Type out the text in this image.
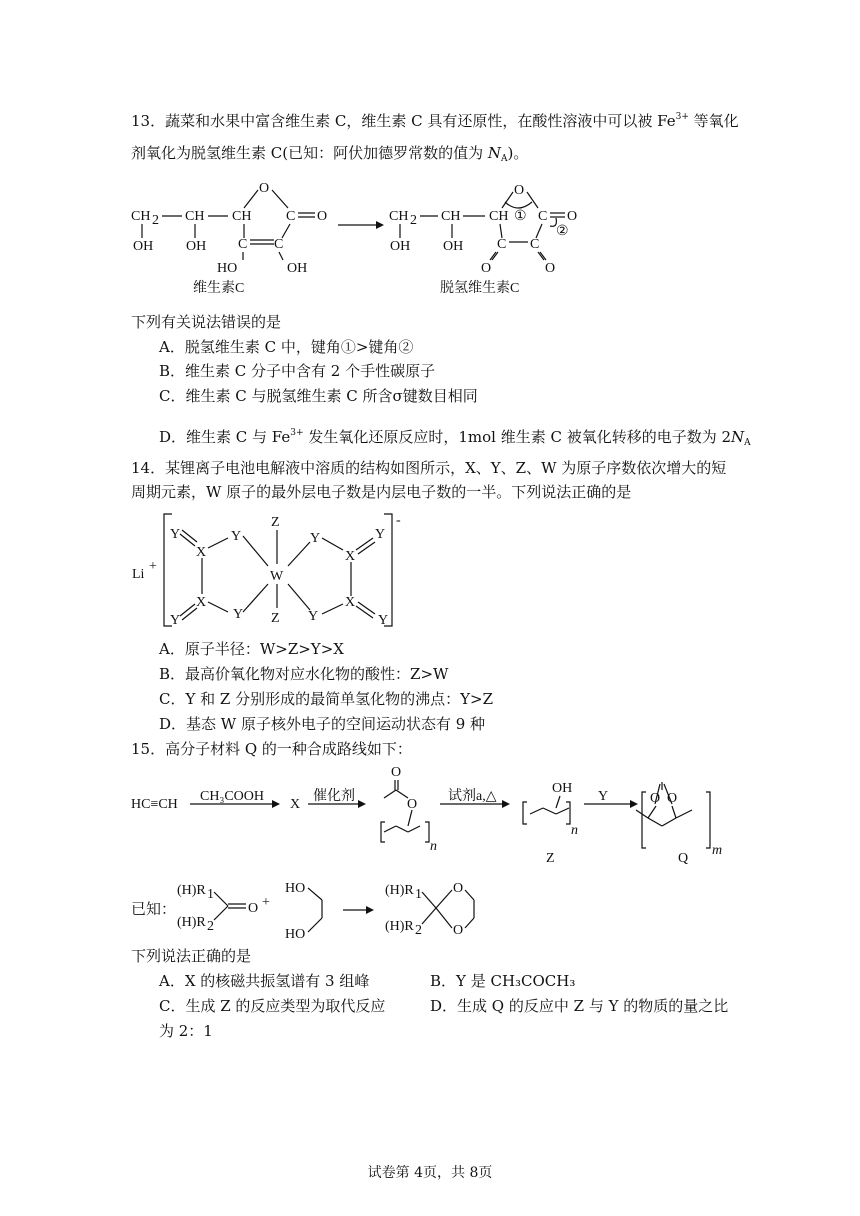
13．蔬菜和水果中富含维生素 C，维生素 C 具有还原性，在酸性溶液中可以被 $Fe^{3+}$ 等氧化
剂氧化为脱氢维生素 C(已知：阿伏加德罗常数的值为 $N_A$)。
CH 2 CH CH
OH OH
O
C O
C C
HO	OH
CH 2 CH CH
OH OH
O
① C O
②
C C
O	O
维生素C	脱氢维生素C
下列有关说法错误的是
A．脱氢维生素 C 中，键角①>键角②
B．维生素 C 分子中含有 2 个手性碳原子
C．维生素 C 与脱氢维生素 C 所含σ键数目相同
D．维生素 C 与 $Fe^{3+}$ 发生氧化还原反应时，1mol 维生素 C 被氧化转移的电子数为 $2N_A$
14．某锂离子电池电解液中溶质的结构如图所示，X、Y、Z、W 为原子序数依次增大的短
周期元素，W 原子的最外层电子数是内层电子数的一半。下列说法正确的是
Li
+
-
Y
X
Y
X
Y	Y
W
Z
Z
Y
X
Y
Y
X
Y
A．原子半径：W>Z>Y>X
B．最高价氧化物对应水化物的酸性：Z>W
C．Y 和 Z 分别形成的最简单氢化物的沸点：Y>Z
D．基态 W 原子核外电子的空间运动状态有 9 种
15．高分子材料 Q 的一种合成路线如下：
HC≡CH
CH₃COOH
X
催化剂
O
O
n
试剂a,△
OH
n
Z
Y	O O
m
Q
已知：
(H)R 1
(H)R 2
O +
HO
HO
(H)R 1
(H)R 2
O
O
下列说法正确的是
A．X 的核磁共振氢谱有 3 组峰	B．Y 是 CH₃COCH₃
C．生成 Z 的反应类型为取代反应	D．生成 Q 的反应中 Z 与 Y 的物质的量之比
为 2：1
试卷第 4页，共 8页
